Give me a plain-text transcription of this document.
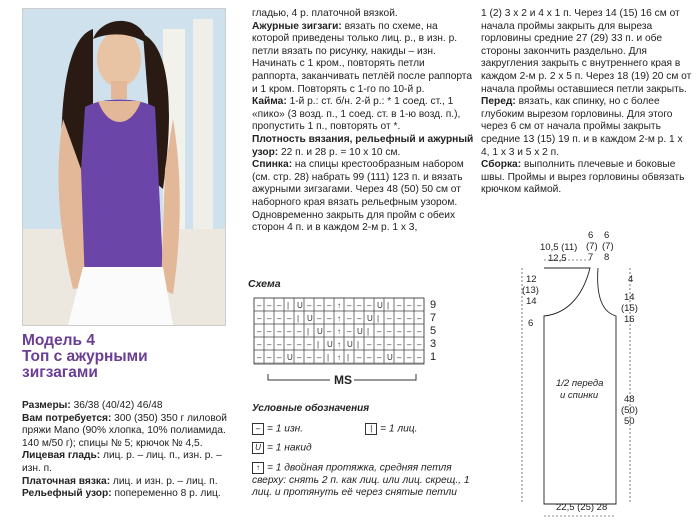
Модель 4
Топ с ажурными
зигзагами

Размеры: 36/38 (40/42) 46/48

Вам потребуется: 300 (350) 350 г лиловой пряжи Mano (90% хлопка, 10% полиамида. 140 м/50 г); спицы № 5; крючок № 4,5.

Лицевая гладь: лиц. р. – лиц. п., изн. р. – изн. п.

Платочная вязка: лиц. и изн. р. – лиц. п.

Рельефный узор: попеременно 8 р. лиц.

гладью, 4 р. платочной вязкой.

Ажурные зигзаги: вязать по схеме, на которой приведены только лиц. р., в изн. р. петли вязать по рисунку, накиды – изн. Начинать с 1 кром., повторять петли раппорта, заканчивать петлёй после раппорта и 1 кром. Повторять с 1-го по 10-й р.

Кайма: 1-й р.: ст. б/н. 2-й р.: * 1 соед. ст., 1 «пико» (3 возд. п., 1 соед. ст. в 1-ю возд. п.), пропустить 1 п., повторять от *.

Плотность вязания, рельефный и ажурный узор: 22 п. и 28 р. = 10 х 10 см.

Спинка: на спицы крестообразным набором (см. стр. 28) набрать 99 (111) 123 п. и вязать ажурными зигзагами. Через 48 (50) 50 см от наборного края вязать рельефным узором. Одновременно закрыть для пройм с обеих сторон 4 п. и в каждом 2-м р. 1 х 3,

Схема
– – – | U – – – ↑ – – – U | – – –
– – – – | U – – ↑ – – U | – – – –
– – – – – | U – ↑ – U | – – – – –
– – – – – – | U ↑ U | – – – – – –
– – – U – – – | ↑ | – – – U – – –
9
7
5
3
1
MS
Условные обозначения
– = 1 изн.	| = 1 лиц.
U = 1 накид
↑ = 1 двойная протяжка, средняя петля сверху: снять 2 п. как лиц. или лиц. скрещ., 1 лиц. и протянуть её через снятые петли

1 (2) 3 х 2 и 4 х 1 п. Через 14 (15) 16 см от начала проймы закрыть для выреза горловины средние 27 (29) 33 п. и обе стороны закончить раздельно. Для закругления закрыть с внутреннего края в каждом 2-м р. 2 х 5 п. Через 18 (19) 20 см от начала проймы оставшиеся петли закрыть.

Перед: вязать, как спинку, но с более глубоким вырезом горловины. Для этого через 6 см от начала проймы закрыть средние 13 (15) 19 п. и в каждом 2-м р. 1 х 4, 1 х 3 и 5 х 2 п.

Сборка: выполнить плечевые и боковые швы. Проймы и вырез горловины обвязать крючком каймой.

10,5 (11)
12,5
6
(7)
7
6
(7)
8
12
(13)
14
6
4
14
(15)
16
48
(50)
50
22,5 (25) 28
1/2 переда
и спинки
